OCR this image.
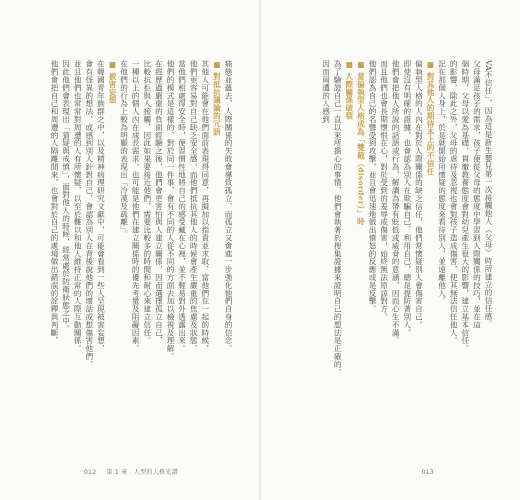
痛態並蘊去，人際關係的失敗會導致孤立，而孤立又會進一步強化他們自身的信念。
■對抵抗議論的冗語
其他人可能會在他們面前表現得同意，再擬加以指責並求取，當他們在一起的時候，
他們更容易對自己缺乏安全感，而他們抵抗其他人的時候會產生嚴重的焦慮及狀態，
當他們相處得安全時，便習慣性地將自己的感受藏在心裡，並不輕易對外透露出來。
他們的模式是這樣的，對於同一件事，會有不同的人從不同的方面去加以檢視及理解。
在經歷過嚴重的負面經驗之後，他們會更害怕與人建立關係，因而選擇孤立自己，
比較抗拒與人接觸，因此如果要接近他們，需要比較多的時間和耐心來建立信任。
一種以上的個人內在成長需求，也可能是他們在建立關係時的優先考量及阻礙因素。
在他們的行為上較為明顯的表現出「冷漠及疏離」。
■被害妄想
在韓國青年族群之中，以及精神病理研究文獻中，可能會看到一些人呈現被害妄想，
會有怪異的想法，或感到別人針對自己，會認為別人在背後說他們的壞話或想傷害他們，
並且他們也常常對周遭的人有所懷疑，以至於難以和他人維持正常的人際互動關係。
因此他們會表現出「猜疑與戒慎」，面對他人的時候，經常處於防衛狀態之中。
他們會把自己和周遭的人隔離開來，也會對於自己的處境做出錯誤的詮釋與判斷，	VA不信任」，因為這是新生嬰兒第一次接觸他人（父母）時所建立的信任感。
父母滿足孩子的需求，孩子便從父母的態度中學習到人際關係的技巧，並在這
個時期，父母以愛為基礎，貫徹教養態度會對幼兒產生很大的影響，建立基本信任。
的影響，除此之外，父母的虐待及忽視也會對孩子造成傷害，使其無法信任他人。
記在那個人身上，於是就開始用懷疑的態度來看待別人，並遠離他人。
■對其他人的期待本上的不信任
偏執型人格的人內在對於人際關係的缺乏信任，他們常懷疑別人會傷害自己。
即使沒有明確的證據，也會認為別人在欺騙自己、利用自己，總是提防著別人。
他們會把他人所說的話語或行為，解讀為帶有貶低或威脅的意涵，因而心生不滿。
而且他們也會長期懷恨在心，對於受到的羞辱或傷害，始終無法原諒對方。
他們認為自己的名聲受到攻擊，並且會迅速地做出憤怒的反應或是反擊。
■當偏執型人格成為「雙截（disorder）」時
■人際關係破裂
為了驗證自己一直以來所擔心的事情，他們會執著於搜集證據來證明自己的想法是正確的，
因而周遭的人感到
012 第 1 章　人型的人格光譜	013
